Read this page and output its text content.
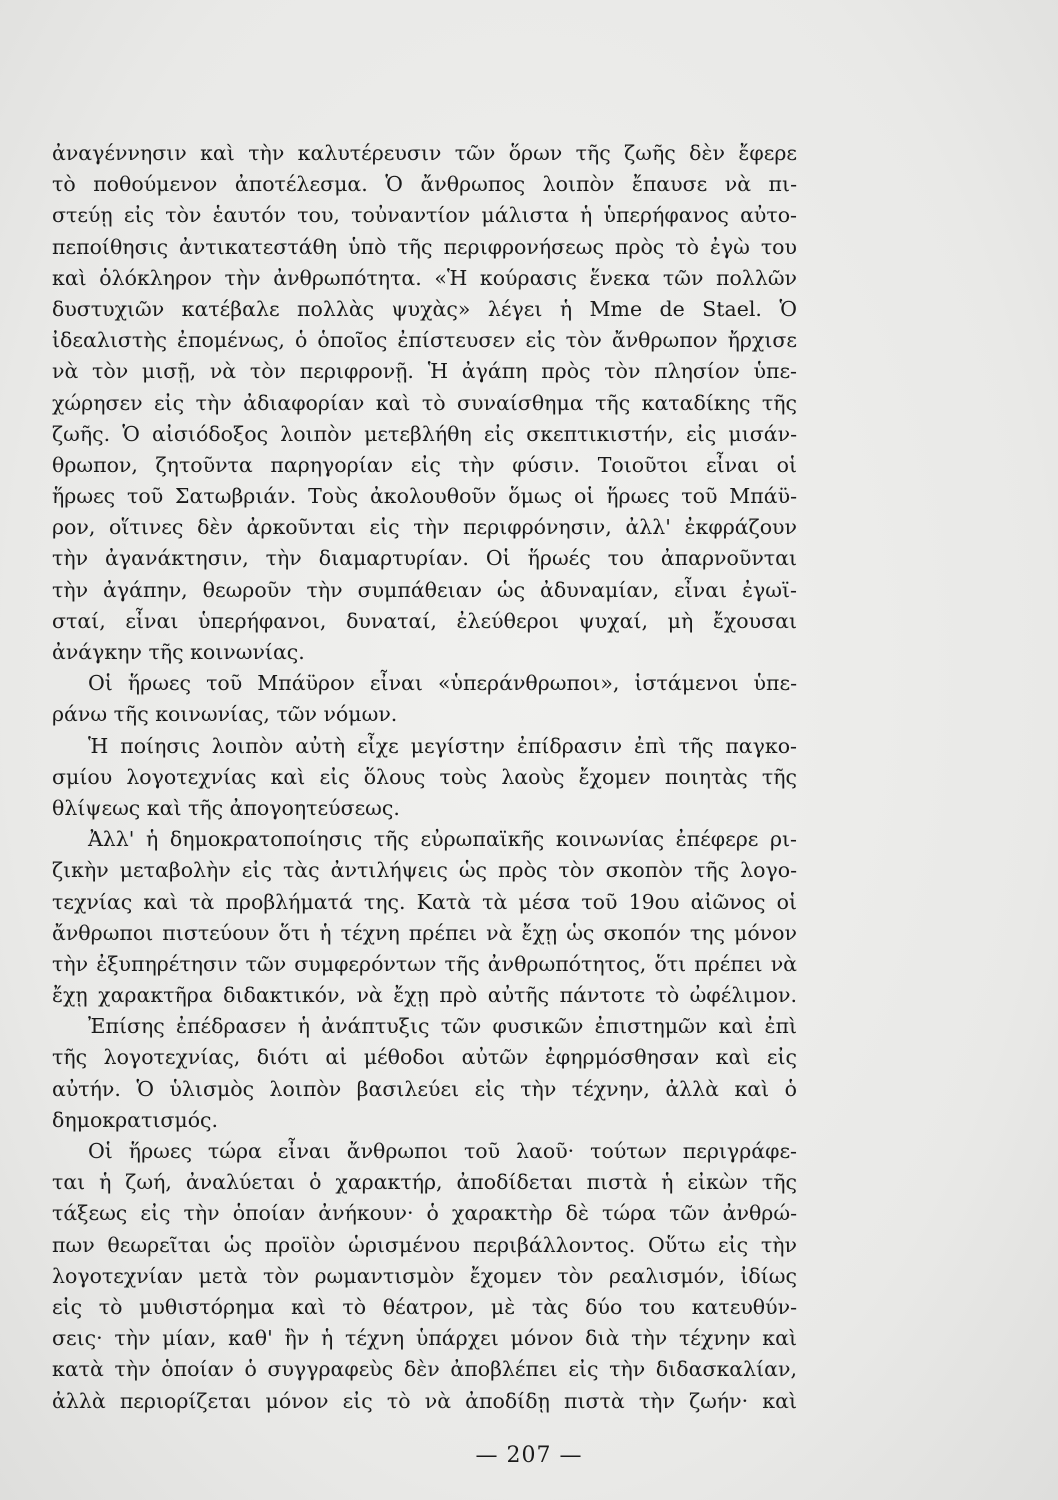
ἀναγέννησιν καὶ τὴν καλυτέρευσιν τῶν ὅρων τῆς ζωῆς δὲν ἔφερε
τὸ ποθούμενον ἀποτέλεσμα. Ὁ ἄνθρωπος λοιπὸν ἔπαυσε νὰ πι-
στεύῃ εἰς τὸν ἑαυτόν του, τοὐναντίον μάλιστα ἡ ὑπερήφανος αὐτο-
πεποίθησις ἀντικατεστάθη ὑπὸ τῆς περιφρονήσεως πρὸς τὸ ἐγὼ του
καὶ ὁλόκληρον τὴν ἀνθρωπότητα. «Ἡ κούρασις ἕνεκα τῶν πολλῶν
δυστυχιῶν κατέβαλε πολλὰς ψυχὰς» λέγει ἡ Mme de Stael. Ὁ
ἰδεαλιστὴς ἐπομένως, ὁ ὁποῖος ἐπίστευσεν εἰς τὸν ἄνθρωπον ἤρχισε
νὰ τὸν μισῇ, νὰ τὸν περιφρονῇ. Ἡ ἀγάπη πρὸς τὸν πλησίον ὑπε-
χώρησεν εἰς τὴν ἀδιαφορίαν καὶ τὸ συναίσθημα τῆς καταδίκης τῆς
ζωῆς. Ὁ αἰσιόδοξος λοιπὸν μετεβλήθη εἰς σκεπτικιστήν, εἰς μισάν-
θρωπον, ζητοῦντα παρηγορίαν εἰς τὴν φύσιν. Τοιοῦτοι εἶναι οἱ
ἥρωες τοῦ Σατωβριάν. Τοὺς ἀκολουθοῦν ὅμως οἱ ἥρωες τοῦ Μπάϋ-
ρον, οἵτινες δὲν ἀρκοῦνται εἰς τὴν περιφρόνησιν, ἀλλ' ἐκφράζουν
τὴν ἀγανάκτησιν, τὴν διαμαρτυρίαν. Οἱ ἥρωές του ἀπαρνοῦνται
τὴν ἀγάπην, θεωροῦν τὴν συμπάθειαν ὡς ἀδυναμίαν, εἶναι ἐγωϊ-
σταί, εἶναι ὑπερήφανοι, δυναταί, ἐλεύθεροι ψυχαί, μὴ ἔχουσαι
ἀνάγκην τῆς κοινωνίας.

Οἱ ἥρωες τοῦ Μπάϋρον εἶναι «ὑπεράνθρωποι», ἱστάμενοι ὑπε-
ράνω τῆς κοινωνίας, τῶν νόμων.

Ἡ ποίησις λοιπὸν αὐτὴ εἶχε μεγίστην ἐπίδρασιν ἐπὶ τῆς παγκο-
σμίου λογοτεχνίας καὶ εἰς ὅλους τοὺς λαοὺς ἔχομεν ποιητὰς τῆς
θλίψεως καὶ τῆς ἀπογοητεύσεως.

Ἀλλ' ἡ δημοκρατοποίησις τῆς εὐρωπαϊκῆς κοινωνίας ἐπέφερε ρι-
ζικὴν μεταβολὴν εἰς τὰς ἀντιλήψεις ὡς πρὸς τὸν σκοπὸν τῆς λογο-
τεχνίας καὶ τὰ προβλήματά της. Κατὰ τὰ μέσα τοῦ 19ου αἰῶνος οἱ
ἄνθρωποι πιστεύουν ὅτι ἡ τέχνη πρέπει νὰ ἔχῃ ὡς σκοπόν της μόνον
τὴν ἐξυπηρέτησιν τῶν συμφερόντων τῆς ἀνθρωπότητος, ὅτι πρέπει νὰ
ἔχῃ χαρακτῆρα διδακτικόν, νὰ ἔχῃ πρὸ αὐτῆς πάντοτε τὸ ὠφέλιμον.

Ἐπίσης ἐπέδρασεν ἡ ἀνάπτυξις τῶν φυσικῶν ἐπιστημῶν καὶ ἐπὶ
τῆς λογοτεχνίας, διότι αἱ μέθοδοι αὐτῶν ἐφηρμόσθησαν καὶ εἰς
αὐτήν. Ὁ ὑλισμὸς λοιπὸν βασιλεύει εἰς τὴν τέχνην, ἀλλὰ καὶ ὁ
δημοκρατισμός.

Οἱ ἥρωες τώρα εἶναι ἄνθρωποι τοῦ λαοῦ· τούτων περιγράφε-
ται ἡ ζωή, ἀναλύεται ὁ χαρακτήρ, ἀποδίδεται πιστὰ ἡ εἰκὼν τῆς
τάξεως εἰς τὴν ὁποίαν ἀνήκουν· ὁ χαρακτὴρ δὲ τώρα τῶν ἀνθρώ-
πων θεωρεῖται ὡς προϊὸν ὡρισμένου περιβάλλοντος. Οὕτω εἰς τὴν
λογοτεχνίαν μετὰ τὸν ρωμαντισμὸν ἔχομεν τὸν ρεαλισμόν, ἰδίως
εἰς τὸ μυθιστόρημα καὶ τὸ θέατρον, μὲ τὰς δύο του κατευθύν-
σεις· τὴν μίαν, καθ' ἣν ἡ τέχνη ὑπάρχει μόνον διὰ τὴν τέχνην καὶ
κατὰ τὴν ὁποίαν ὁ συγγραφεὺς δὲν ἀποβλέπει εἰς τὴν διδασκαλίαν,
ἀλλὰ περιορίζεται μόνον εἰς τὸ νὰ ἀποδίδῃ πιστὰ τὴν ζωήν· καὶ

— 207 —
